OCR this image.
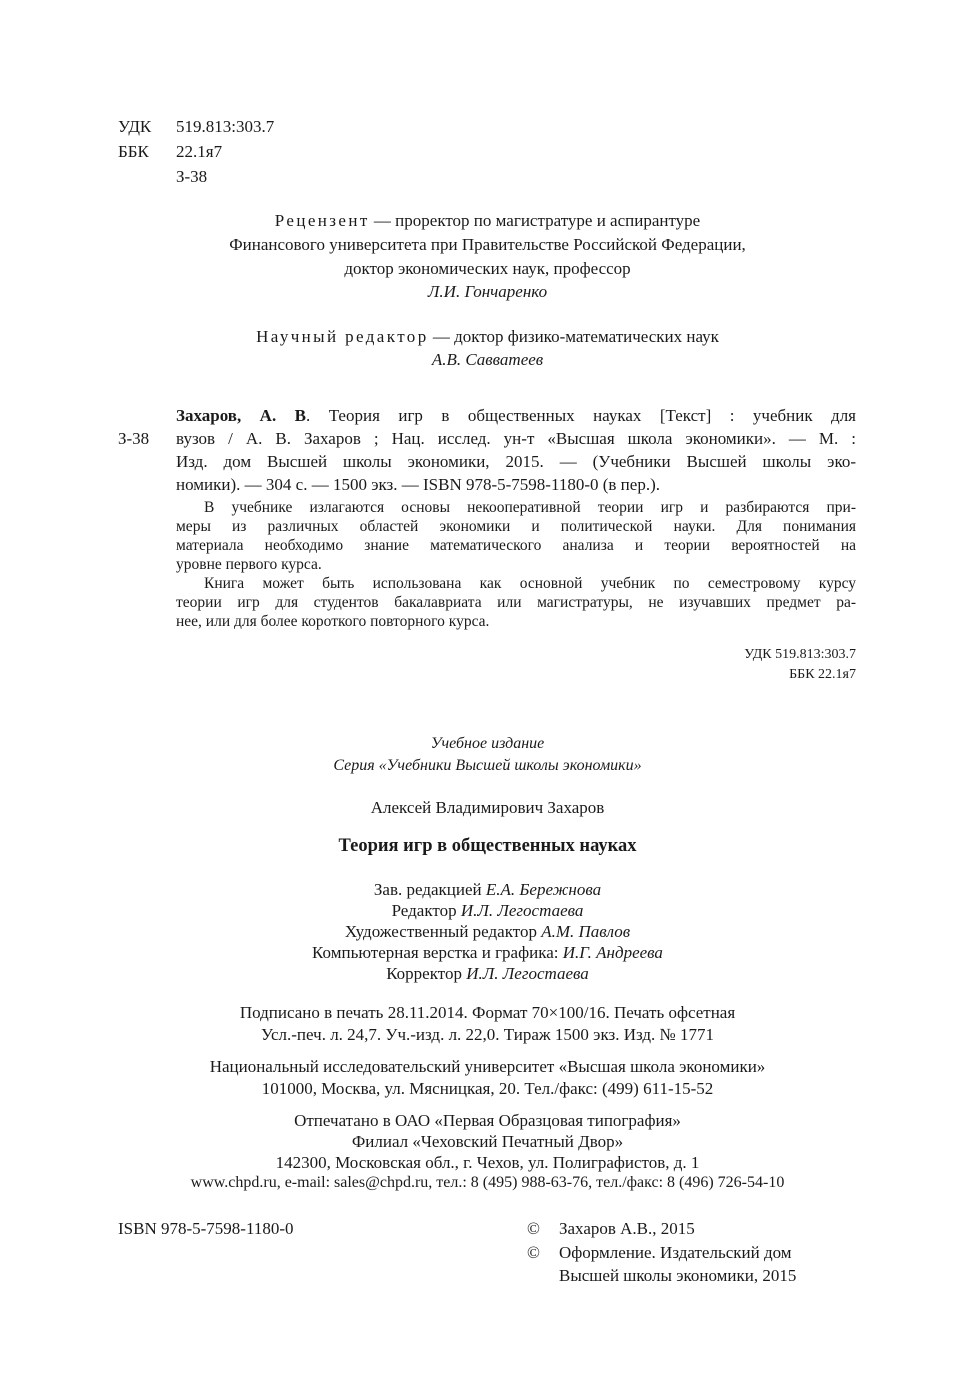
УДК 519.813:303.7
ББК 22.1я7
З-38
Рецензент — проректор по магистратуре и аспирантуре
Финансового университета при Правительстве Российской Федерации,
доктор экономических наук, профессор
Л.И. Гончаренко
Научный редактор — доктор физико-математических наук
А.В. Савватеев
З-38
Захаров, А. В. Теория игр в общественных науках [Текст] : учебник для
вузов / А. В. Захаров ; Нац. исслед. ун-т «Высшая школа экономики». — М. :
Изд. дом Высшей школы экономики, 2015. — (Учебники Высшей школы эко-
номики). — 304 с. — 1500 экз. — ISBN 978-5-7598-1180-0 (в пер.).
В учебнике излагаются основы некооперативной теории игр и разбираются при-
меры из различных областей экономики и политической науки. Для понимания
материала необходимо знание математического анализа и теории вероятностей на
уровне первого курса.
Книга может быть использована как основной учебник по семестровому курсу
теории игр для студентов бакалавриата или магистратуры, не изучавших предмет ра-
нее, или для более короткого повторного курса.
УДК 519.813:303.7
ББК 22.1я7
Учебное издание
Серия «Учебники Высшей школы экономики»
Алексей Владимирович Захаров
Теория игр в общественных науках
Зав. редакцией Е.А. Бережнова
Редактор И.Л. Легостаева
Художественный редактор А.М. Павлов
Компьютерная верстка и графика: И.Г. Андреева
Корректор И.Л. Легостаева
Подписано в печать 28.11.2014. Формат 70×100/16. Печать офсетная
Усл.-печ. л. 24,7. Уч.-изд. л. 22,0. Тираж 1500 экз. Изд. № 1771
Национальный исследовательский университет «Высшая школа экономики»
101000, Москва, ул. Мясницкая, 20. Тел./факс: (499) 611-15-52
Отпечатано в ОАО «Первая Образцовая типография»
Филиал «Чеховский Печатный Двор»
142300, Московская обл., г. Чехов, ул. Полиграфистов, д. 1
www.chpd.ru, e-mail: sales@chpd.ru, тел.: 8 (495) 988-63-76, тел./факс: 8 (496) 726-54-10
ISBN 978-5-7598-1180-0	© Захаров А.В., 2015
© Оформление. Издательский дом
Высшей школы экономики, 2015
